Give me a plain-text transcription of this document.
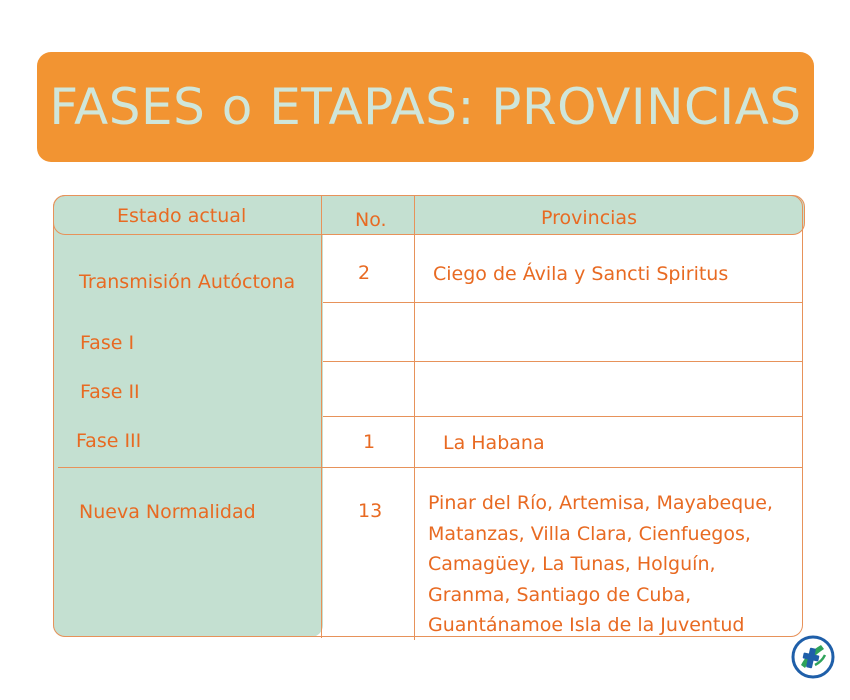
FASES o ETAPAS: PROVINCIAS
Estado actual	No.	Provincias
Transmisión Autóctona	2	Ciego de Ávila y Sancti Spiritus
Fase I
Fase II
Fase III	1	La Habana
Nueva Normalidad	13 Pinar del Río, Artemisa, Mayabeque,
Matanzas, Villa Clara, Cienfuegos,
Camagüey, La Tunas, Holguín,
Granma, Santiago de Cuba,
Guantánamoe Isla de la Juventud
